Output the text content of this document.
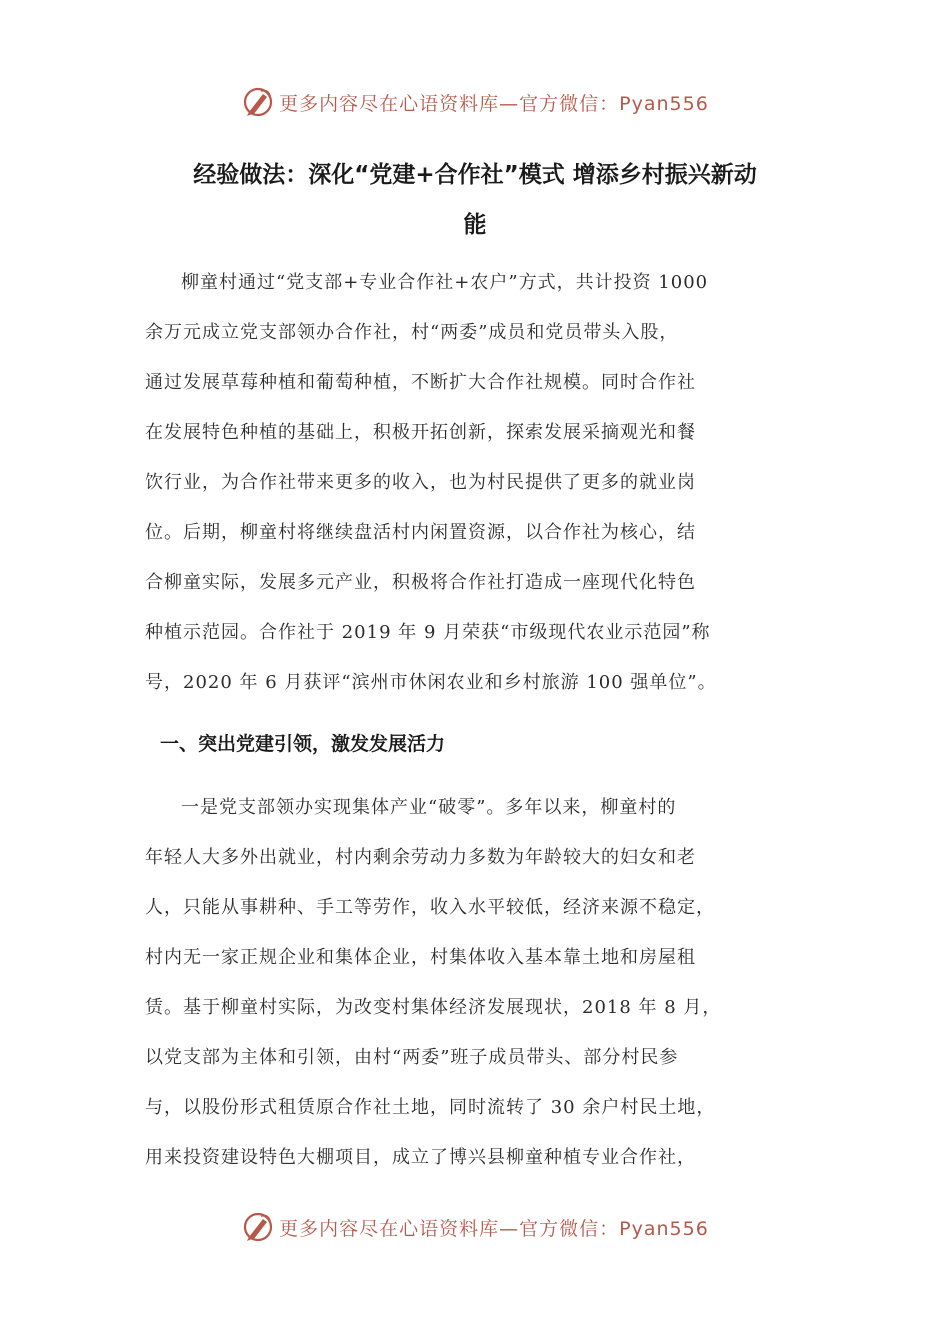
更多内容尽在心语资料库—官方微信：Pyan556
经验做法：深化“党建+合作社”模式 增添乡村振兴新动
能
柳童村通过“党支部+专业合作社+农户”方式，共计投资 1000
余万元成立党支部领办合作社，村“两委”成员和党员带头入股，
通过发展草莓种植和葡萄种植，不断扩大合作社规模。同时合作社
在发展特色种植的基础上，积极开拓创新，探索发展采摘观光和餐
饮行业，为合作社带来更多的收入，也为村民提供了更多的就业岗
位。后期，柳童村将继续盘活村内闲置资源，以合作社为核心，结
合柳童实际，发展多元产业，积极将合作社打造成一座现代化特色
种植示范园。合作社于 2019 年 9 月荣获“市级现代农业示范园”称
号，2020 年 6 月获评“滨州市休闲农业和乡村旅游 100 强单位”。
一、突出党建引领，激发发展活力
一是党支部领办实现集体产业“破零”。多年以来，柳童村的
年轻人大多外出就业，村内剩余劳动力多数为年龄较大的妇女和老
人，只能从事耕种、手工等劳作，收入水平较低，经济来源不稳定，
村内无一家正规企业和集体企业，村集体收入基本靠土地和房屋租
赁。基于柳童村实际，为改变村集体经济发展现状，2018 年 8 月，
以党支部为主体和引领，由村“两委”班子成员带头、部分村民参
与，以股份形式租赁原合作社土地，同时流转了 30 余户村民土地，
用来投资建设特色大棚项目，成立了博兴县柳童种植专业合作社，
更多内容尽在心语资料库—官方微信：Pyan556
